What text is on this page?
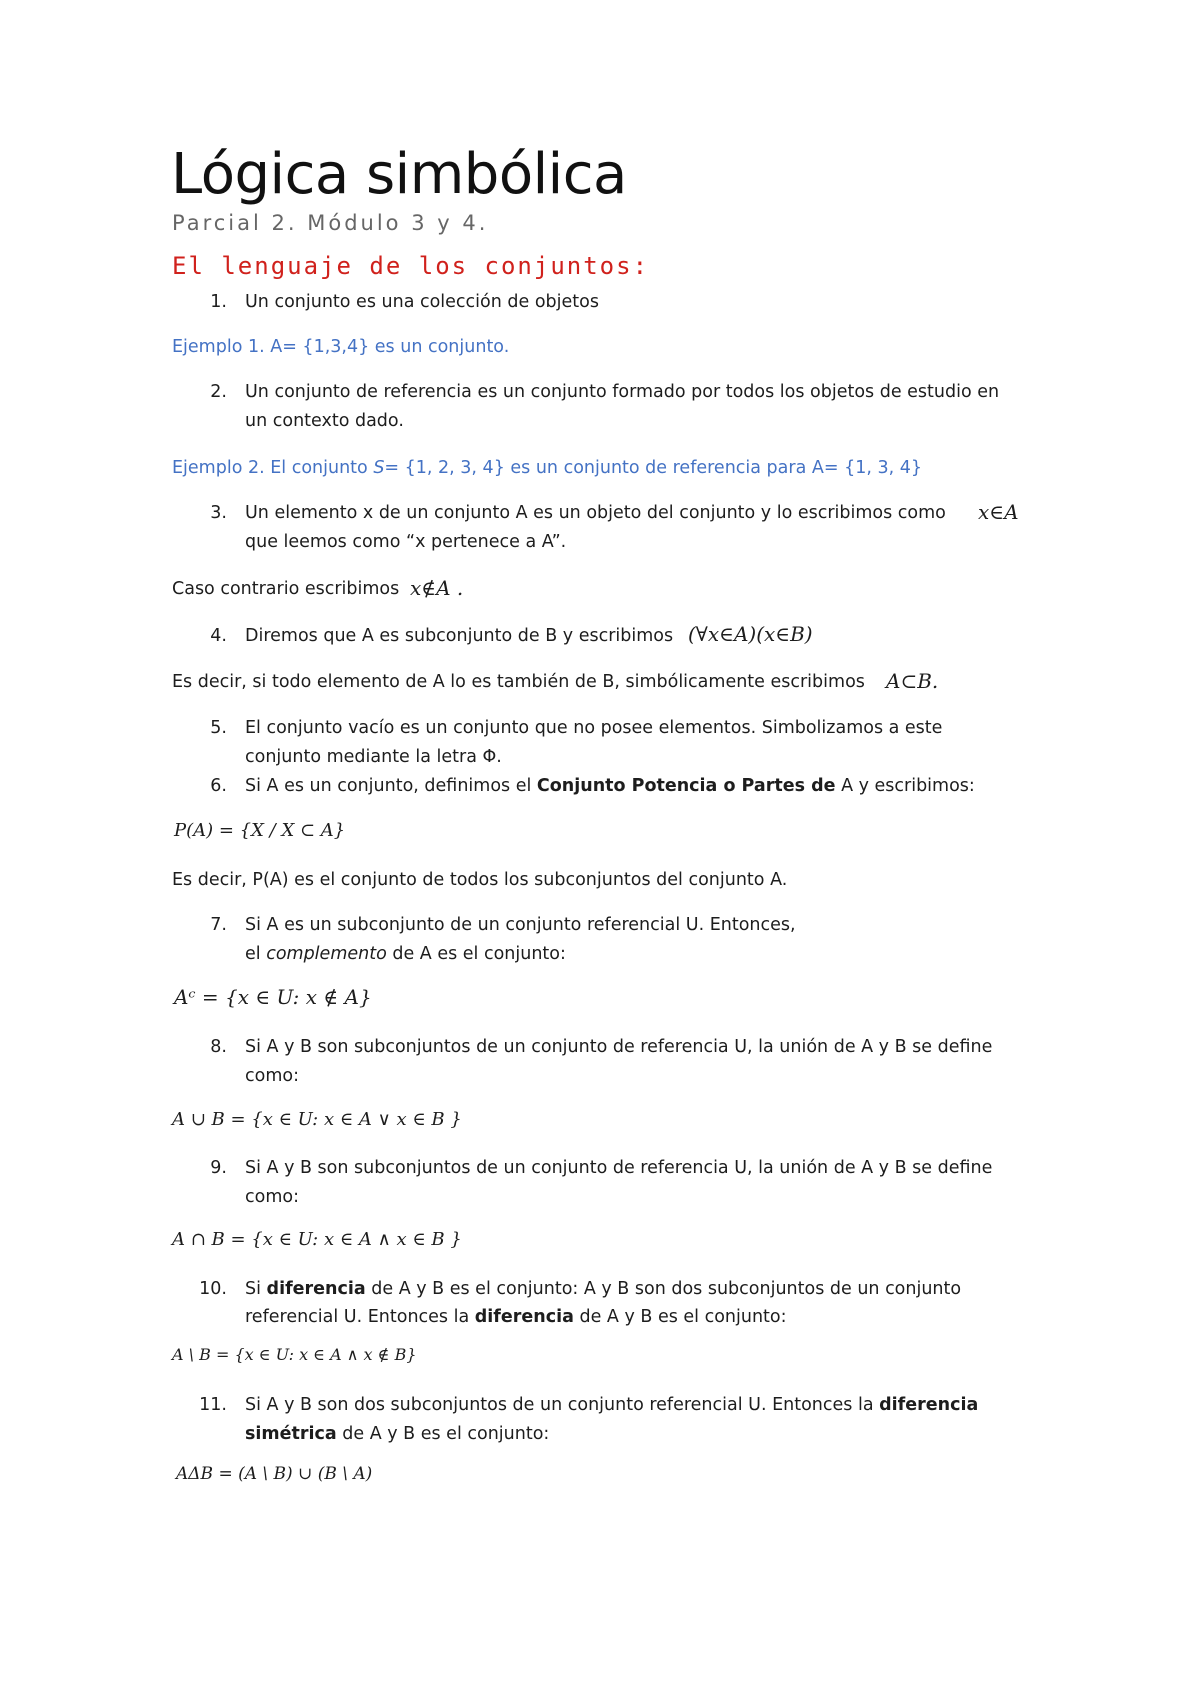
Lógica simbólica
Parcial 2. Módulo 3 y 4.
El lenguaje de los conjuntos:
1. Un conjunto es una colección de objetos
Ejemplo 1. A= {1,3,4} es un conjunto.
2. Un conjunto de referencia es un conjunto formado por todos los objetos de estudio en
un contexto dado.
Ejemplo 2. El conjunto S= {1, 2, 3, 4} es un conjunto de referencia para A= {1, 3, 4}
3. Un elemento x de un conjunto A es un objeto del conjunto y lo escribimos como x∈A
que leemos como “x pertenece a A”.
Caso contrario escribimos x∉A .
4. Diremos que A es subconjunto de B y escribimos (∀x∈A)(x∈B)
Es decir, si todo elemento de A lo es también de B, simbólicamente escribimos A⊂B.
5. El conjunto vacío es un conjunto que no posee elementos. Simbolizamos a este
conjunto mediante la letra Φ.
6. Si A es un conjunto, definimos el Conjunto Potencia o Partes de A y escribimos:
P(A) = {X / X ⊂ A}
Es decir, P(A) es el conjunto de todos los subconjuntos del conjunto A.
7. Si A es un subconjunto de un conjunto referencial U. Entonces,
el complemento de A es el conjunto:
Aᶜ = {x ∈ U: x ∉ A}
8. Si A y B son subconjuntos de un conjunto de referencia U, la unión de A y B se define
como:
A ∪ B = {x ∈ U: x ∈ A ∨ x ∈ B }
9. Si A y B son subconjuntos de un conjunto de referencia U, la unión de A y B se define
como:
A ∩ B = {x ∈ U: x ∈ A ∧ x ∈ B }
10. Si diferencia de A y B es el conjunto: A y B son dos subconjuntos de un conjunto
referencial U. Entonces la diferencia de A y B es el conjunto:
A \ B = {x ∈ U: x ∈ A ∧ x ∉ B}
11. Si A y B son dos subconjuntos de un conjunto referencial U. Entonces la diferencia
simétrica de A y B es el conjunto:
AΔB = (A \ B) ∪ (B \ A)
